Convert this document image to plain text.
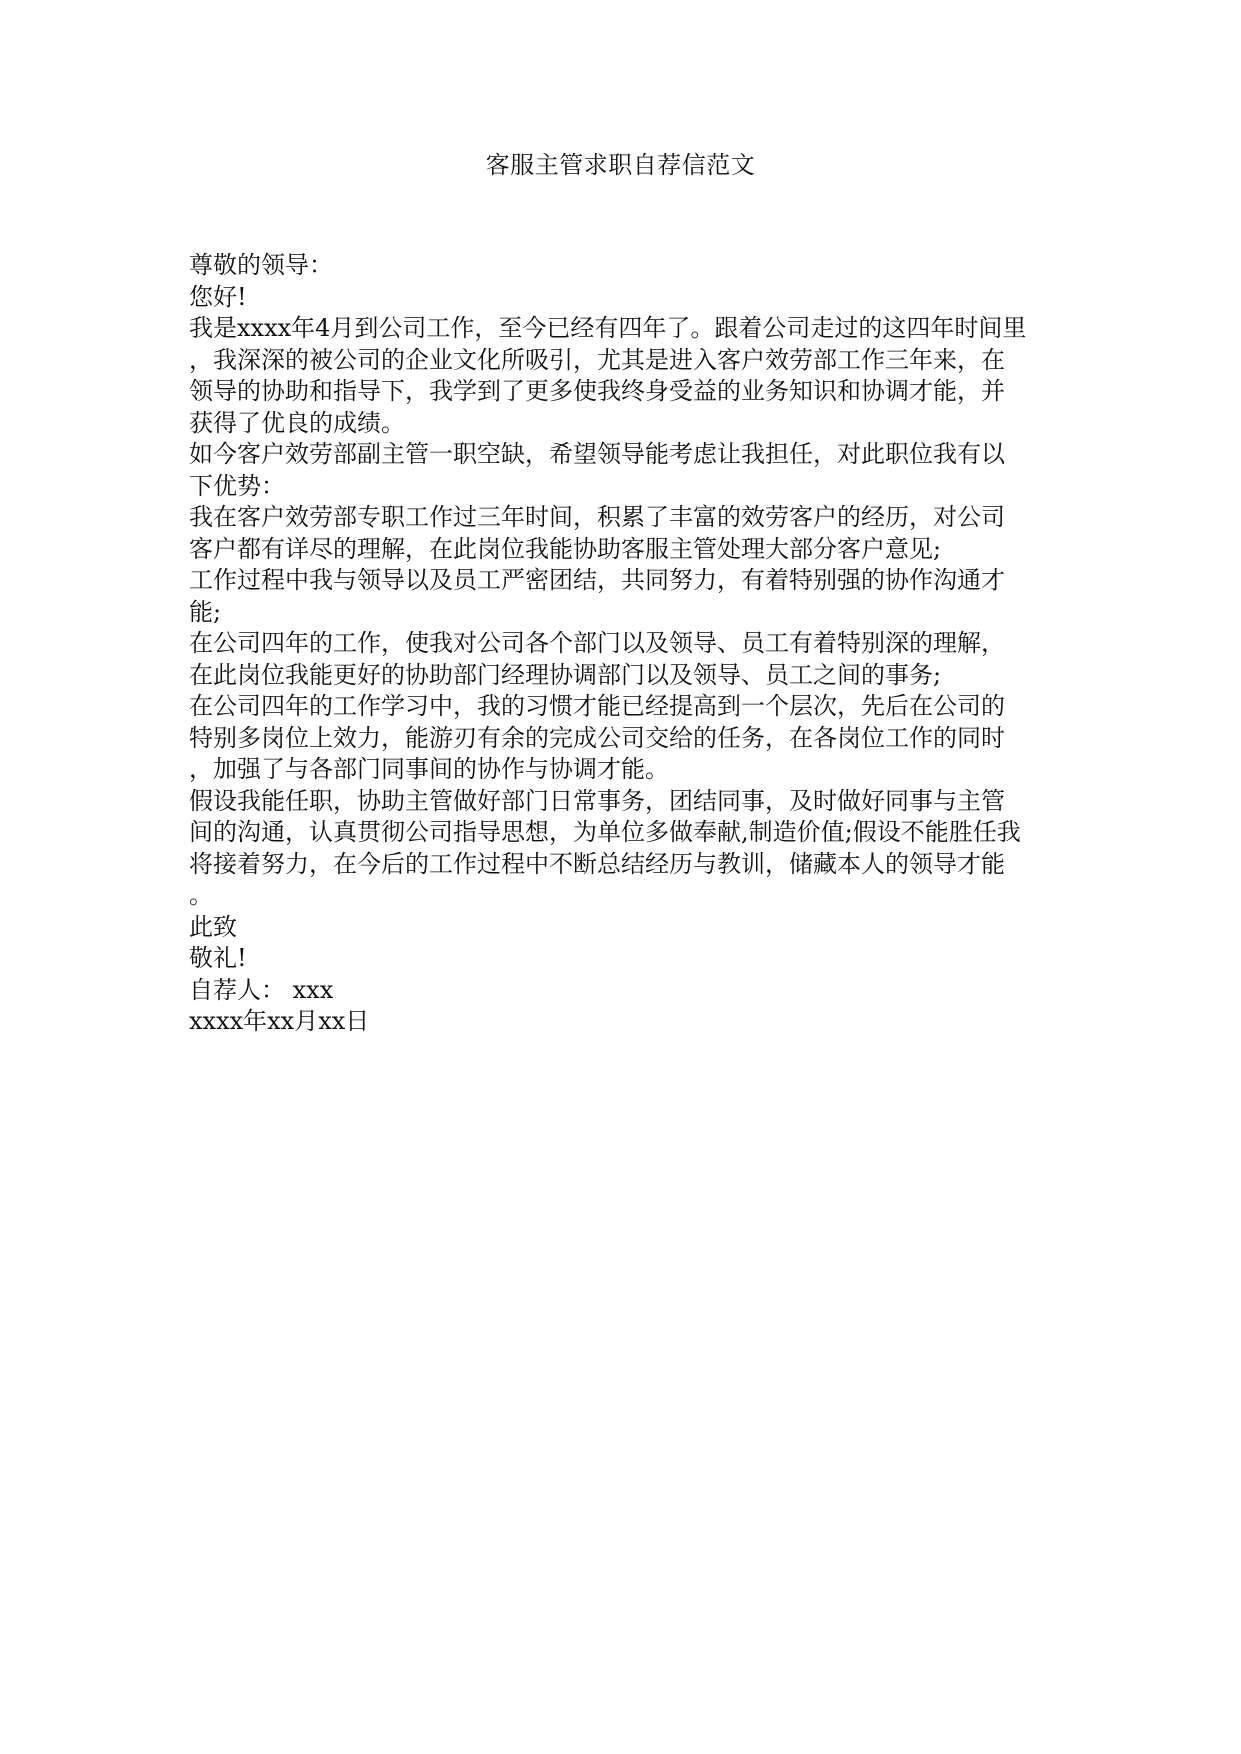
客服主管求职自荐信范文
尊敬的领导：
您好!
我是xxxx年4月到公司工作，至今已经有四年了。跟着公司走过的这四年时间里
，我深深的被公司的企业文化所吸引，尤其是进入客户效劳部工作三年来，在
领导的协助和指导下，我学到了更多使我终身受益的业务知识和协调才能，并
获得了优良的成绩。
如今客户效劳部副主管一职空缺，希望领导能考虑让我担任，对此职位我有以
下优势：
我在客户效劳部专职工作过三年时间，积累了丰富的效劳客户的经历，对公司
客户都有详尽的理解，在此岗位我能协助客服主管处理大部分客户意见;
工作过程中我与领导以及员工严密团结，共同努力，有着特别强的协作沟通才
能;
在公司四年的工作，使我对公司各个部门以及领导、员工有着特别深的理解，
在此岗位我能更好的协助部门经理协调部门以及领导、员工之间的事务;
在公司四年的工作学习中，我的习惯才能已经提高到一个层次，先后在公司的
特别多岗位上效力，能游刃有余的完成公司交给的任务，在各岗位工作的同时
，加强了与各部门同事间的协作与协调才能。
假设我能任职，协助主管做好部门日常事务，团结同事，及时做好同事与主管
间的沟通，认真贯彻公司指导思想，为单位多做奉献,制造价值;假设不能胜任我
将接着努力，在今后的工作过程中不断总结经历与教训，储藏本人的领导才能
。
此致
敬礼!
自荐人： xxx
xxxx年xx月xx日
